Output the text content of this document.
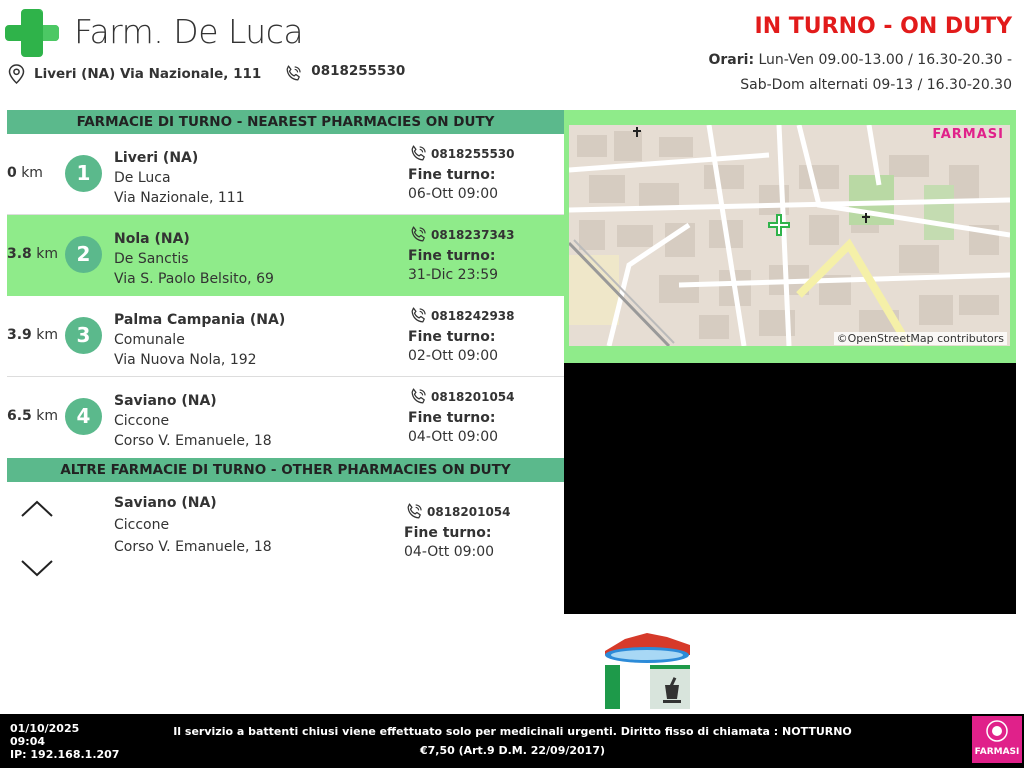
Farm. De Luca
Liveri (NA) Via Nazionale, 111	0818255530
IN TURNO - ON DUTY
Orari: Lun-Ven 09.00-13.00 / 16.30-20.30 -
Sab-Dom alternati 09-13 / 16.30-20.30
FARMACIE DI TURNO - NEAREST PHARMACIES ON DUTY
0 km	1
Liveri (NA)
De Luca
Via Nazionale, 111
0818255530
Fine turno:
06-Ott 09:00
3.8 km 2
Nola (NA)
De Sanctis
Via S. Paolo Belsito, 69
0818237343
Fine turno:
31-Dic 23:59
3.9 km 3
Palma Campania (NA)
Comunale
Via Nuova Nola, 192
0818242938
Fine turno:
02-Ott 09:00
6.5 km 4
Saviano (NA)
Ciccone
Corso V. Emanuele, 18
0818201054
Fine turno:
04-Ott 09:00
ALTRE FARMACIE DI TURNO - OTHER PHARMACIES ON DUTY
Saviano (NA)
Ciccone
Corso V. Emanuele, 18
0818201054
Fine turno:
04-Ott 09:00
FARMASI
©OpenStreetMap contributors
01/10/2025
09:04
IP: 192.168.1.207
Il servizio a battenti chiusi viene effettuato solo per medicinali urgenti. Diritto fisso di chiamata : NOTTURNO €7,50 (Art.9 D.M. 22/09/2017)	FARMASI
